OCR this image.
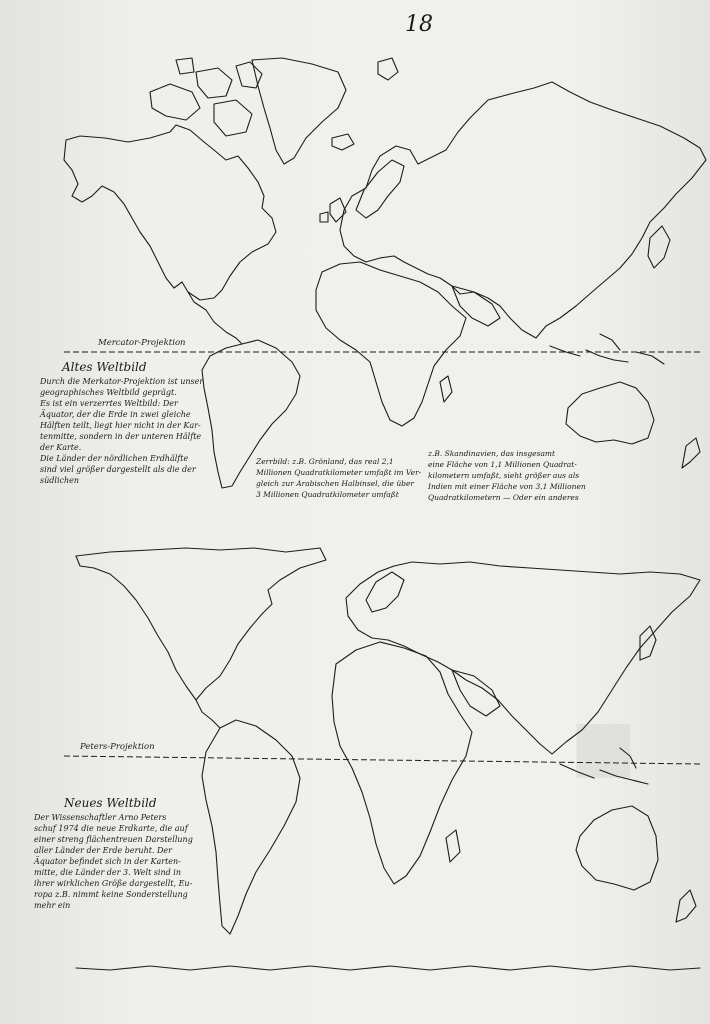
■
18
Mercator-Projektion
Altes Weltbild
Durch die Merkator-Projektion ist unser
geographisches Weltbild geprägt.
Es ist ein verzerrtes Weltbild: Der
Äquator, der die Erde in zwei gleiche
Hälften teilt, liegt hier nicht in der Kar-
tenmitte, sondern in der unteren Hälfte
der Karte.
Die Länder der nördlichen Erdhälfte
sind viel größer dargestellt als die der
südlichen
Zerrbild: z.B. Grönland, das real 2,1
Millionen Quadratkilometer umfaßt im Ver-
gleich zur Arabischen Halbinsel, die über
3 Millionen Quadratkilometer umfaßt
z.B. Skandinavien, das insgesamt
eine Fläche von 1,1 Millionen Quadrat-
kilometern umfaßt, sieht größer aus als
Indien mit einer Fläche von 3,1 Millionen
Quadratkilometern — Oder ein anderes
Peters-Projektion
Neues Weltbild
Der Wissenschaftler Arno Peters
schuf 1974 die neue Erdkarte, die auf
einer streng flächentreuen Darstellung
aller Länder der Erde beruht. Der
Äquator befindet sich in der Karten-
mitte, die Länder der 3. Welt sind in
ihrer wirklichen Größe dargestellt, Eu-
ropa z.B. nimmt keine Sonderstellung
mehr ein
